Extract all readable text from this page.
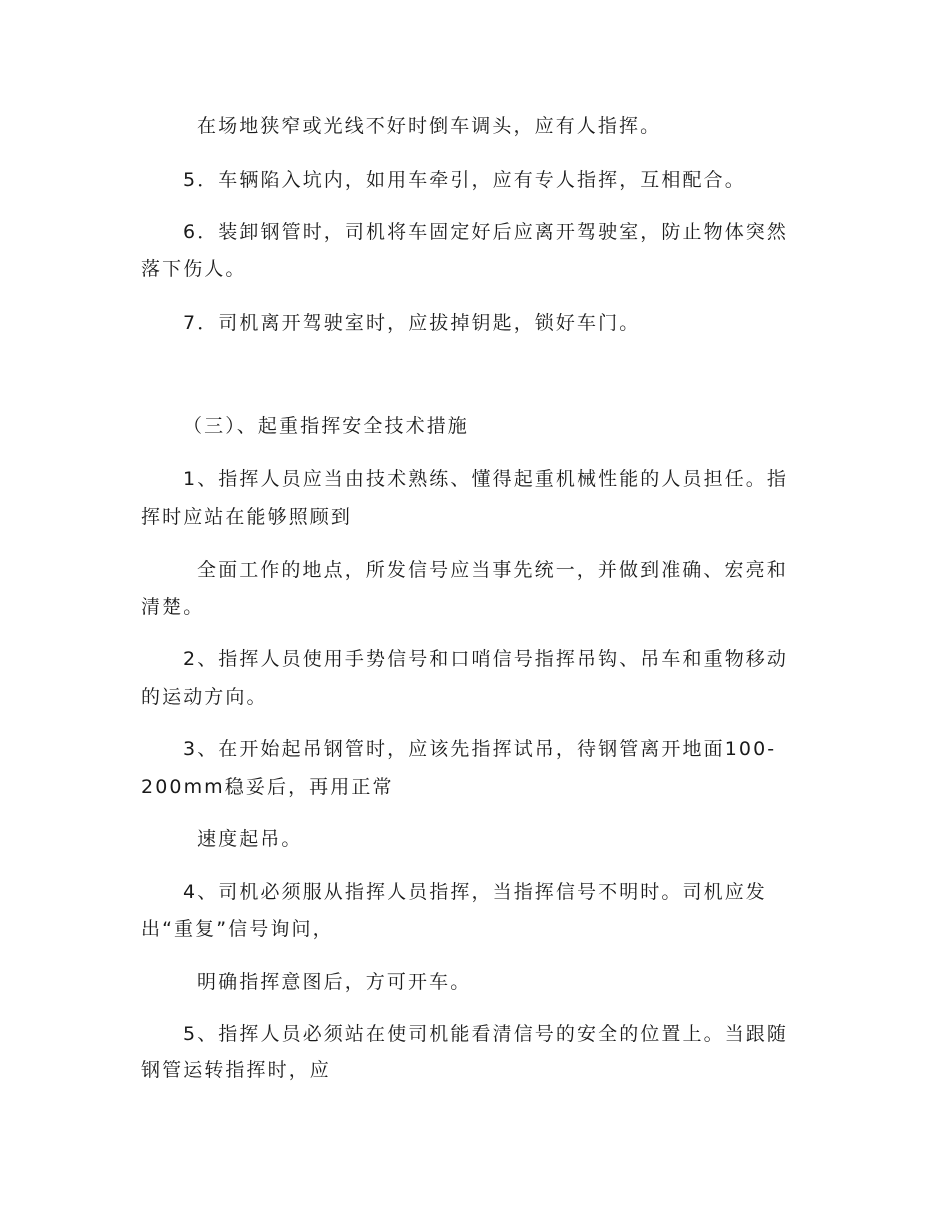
在场地狭窄或光线不好时倒车调头，应有人指挥。
5．车辆陷入坑内，如用车牵引，应有专人指挥，互相配合。
6．装卸钢管时，司机将车固定好后应离开驾驶室，防止物体突然
落下伤人。
7．司机离开驾驶室时，应拔掉钥匙，锁好车门。
（三）、起重指挥安全技术措施
1、指挥人员应当由技术熟练、懂得起重机械性能的人员担任。指
挥时应站在能够照顾到
全面工作的地点，所发信号应当事先统一，并做到准确、宏亮和
清楚。
2、指挥人员使用手势信号和口哨信号指挥吊钩、吊车和重物移动
的运动方向。
3、在开始起吊钢管时，应该先指挥试吊，待钢管离开地面100-
200mm稳妥后，再用正常
速度起吊。
4、司机必须服从指挥人员指挥，当指挥信号不明时。司机应发
出“重复”信号询问，
明确指挥意图后，方可开车。
5、指挥人员必须站在使司机能看清信号的安全的位置上。当跟随
钢管运转指挥时，应
